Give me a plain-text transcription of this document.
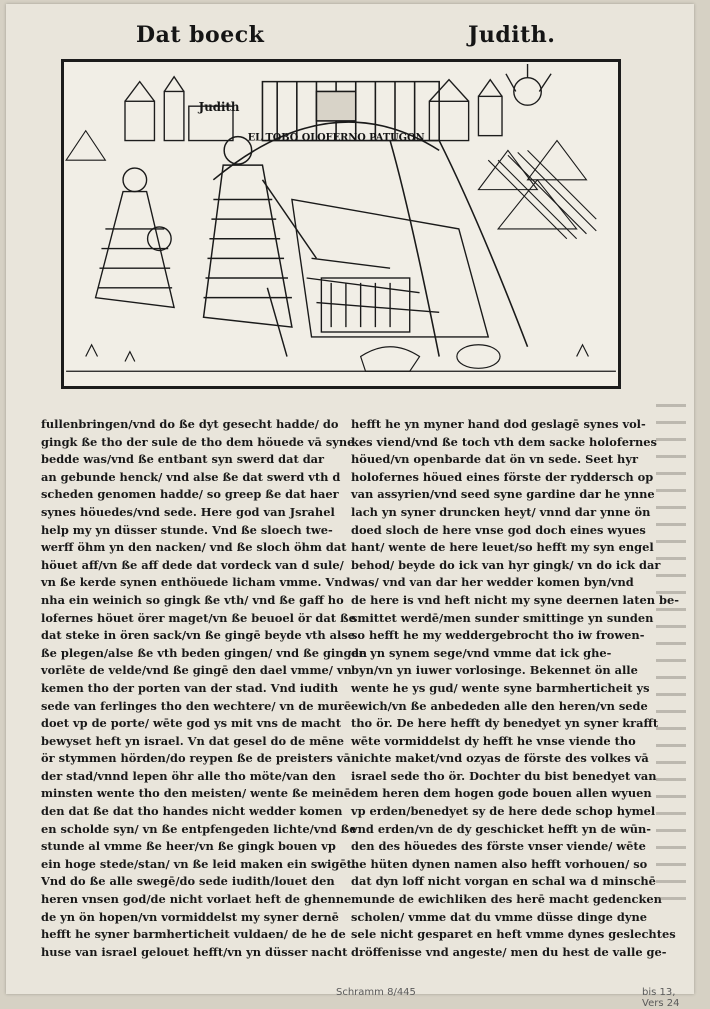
Dat boeck	Judith.
EL TOBO OLOFERNO PATUGON
Judith
fullenbringen/vnd do ße dyt gesecht hadde/ do
gingk ße tho der sule de tho dem höuede vā syne
bedde was/vnd ße entbant syn swerd dat dar
an gebunde henck/ vnd alse ße dat swerd vth d
scheden genomen hadde/ so greep ße dat haer
synes höuedes/vnd sede. Here god van Jsrahel
help my yn düsser stunde. Vnd ße sloech twe-
werff öhm yn den nacken/ vnd ße sloch öhm dat
höuet aff/vn ße aff dede dat vordeck van d sule/
vn ße kerde synen enthöuede licham vmme. Vnd
nha ein weinich so gingk ße vth/ vnd ße gaff ho
lofernes höuet örer maget/vn ße beuoel ör dat ße
dat steke in ören sack/vn ße gingē beyde vth alse
ße plegen/alse ße vth beden gingen/ vnd ße gingen
vorlēte de velde/vnd ße gingē den dael vmme/ vn
kemen tho der porten van der stad. Vnd iudith
sede van ferlinges tho den wechtere/ vn de murē
doet vp de porte/ wēte god ys mit vns de macht
bewyset heft yn israel. Vn dat gesel do de mēne
ör stymmen hörden/do reypen ße de preisters vā
der stad/vnnd lepen öhr alle tho möte/van den
minsten wente tho den meisten/ wente ße meinē
den dat ße dat tho handes nicht wedder komen
en scholde syn/ vn ße entpfengeden lichte/vnd ße
stunde al vmme ße heer/vn ße gingk bouen vp
ein hoge stede/stan/ vn ße leid maken ein swigēt.
Vnd do ße alle swegē/do sede iudith/louet den
heren vnsen god/de nicht vorlaet heft de ghenne
de yn ön hopen/vn vormiddelst my syner dernē
hefft he syner barmherticheit vuldaen/ de he de
huse van israel gelouet hefft/vn yn düsser nacht
hefft he yn myner hand dod geslagē synes vol-
kes viend/vnd ße toch vth dem sacke holofernes
höued/vn openbarde dat ön vn sede. Seet hyr
holofernes höued eines förste der ryddersch op
van assyrien/vnd seed syne gardine dar he ynne
lach yn syner druncken heyt/ vnnd dar ynne ön
doed sloch de here vnse god doch eines wyues
hant/ wente de here leuet/so hefft my syn engel
behod/ beyde do ick van hyr gingk/ vn do ick dar
was/ vnd van dar her wedder komen byn/vnd
de here is vnd heft nicht my syne deernen laten be-
smittet werdē/men sunder smittinge yn sunden
so hefft he my weddergebrocht tho iw frowen-
de yn synem sege/vnd vmme dat ick ghe-
byn/vn yn iuwer vorlosinge. Bekennet ön alle
wente he ys gud/ wente syne barmherticheit ys
ewich/vn ße anbededen alle den heren/vn sede
tho ör. De here hefft dy benedyet yn syner krafft
wēte vormiddelst dy hefft he vnse viende tho
nichte maket/vnd ozyas de förste des volkes vā
israel sede tho ör. Dochter du bist benedyet van
dem heren dem hogen gode bouen allen wyuen
vp erden/benedyet sy de here dede schop hymel
vnd erden/vn de dy geschicket hefft yn de wūn-
den des höuedes des förste vnser viende/ wēte
he hüten dynen namen also hefft vorhouen/ so
dat dyn loff nicht vorgan en schal wa d minschē
munde de ewichliken des herē macht gedencken
scholen/ vmme dat du vmme düsse dinge dyne
sele nicht gesparet en heft vmme dynes geslechtes
dröffenisse vnd angeste/ men du hest de valle ge-
Schramm 8/445	bis 13, Vers 24
